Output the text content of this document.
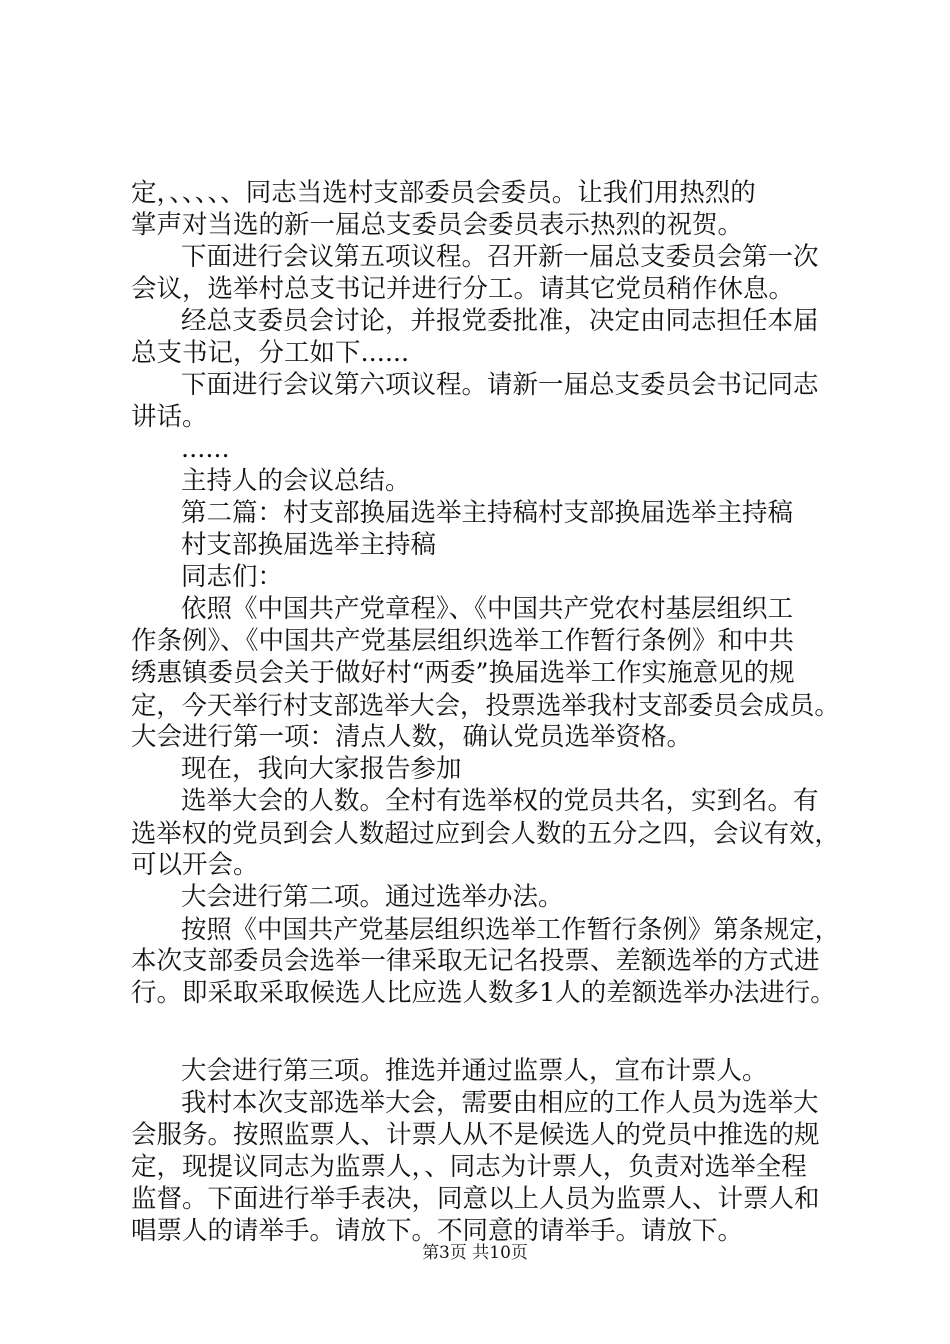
定，、、、、、同志当选村支部委员会委员。让我们用热烈的
掌声对当选的新一届总支委员会委员表示热烈的祝贺。
下面进行会议第五项议程。召开新一届总支委员会第一次
会议，选举村总支书记并进行分工。请其它党员稍作休息。
经总支委员会讨论，并报党委批准，决定由同志担任本届
总支书记，分工如下......
下面进行会议第六项议程。请新一届总支委员会书记同志
讲话。
......
主持人的会议总结。
第二篇：村支部换届选举主持稿村支部换届选举主持稿
村支部换届选举主持稿
同志们：
依照《中国共产党章程》、《中国共产党农村基层组织工
作条例》、《中国共产党基层组织选举工作暂行条例》和中共
绣惠镇委员会关于做好村“两委”换届选举工作实施意见的规
定，今天举行村支部选举大会，投票选举我村支部委员会成员。
大会进行第一项：清点人数，确认党员选举资格。
现在，我向大家报告参加
选举大会的人数。全村有选举权的党员共名，实到名。有
选举权的党员到会人数超过应到会人数的五分之四，会议有效，
可以开会。
大会进行第二项。通过选举办法。
按照《中国共产党基层组织选举工作暂行条例》第条规定，
本次支部委员会选举一律采取无记名投票、差额选举的方式进
行。即采取采取候选人比应选人数多1人的差额选举办法进行。
大会进行第三项。推选并通过监票人，宣布计票人。
我村本次支部选举大会，需要由相应的工作人员为选举大
会服务。按照监票人、计票人从不是候选人的党员中推选的规
定，现提议同志为监票人，、同志为计票人，负责对选举全程
监督。下面进行举手表决，同意以上人员为监票人、计票人和
唱票人的请举手。请放下。不同意的请举手。请放下。
第3页 共10页
